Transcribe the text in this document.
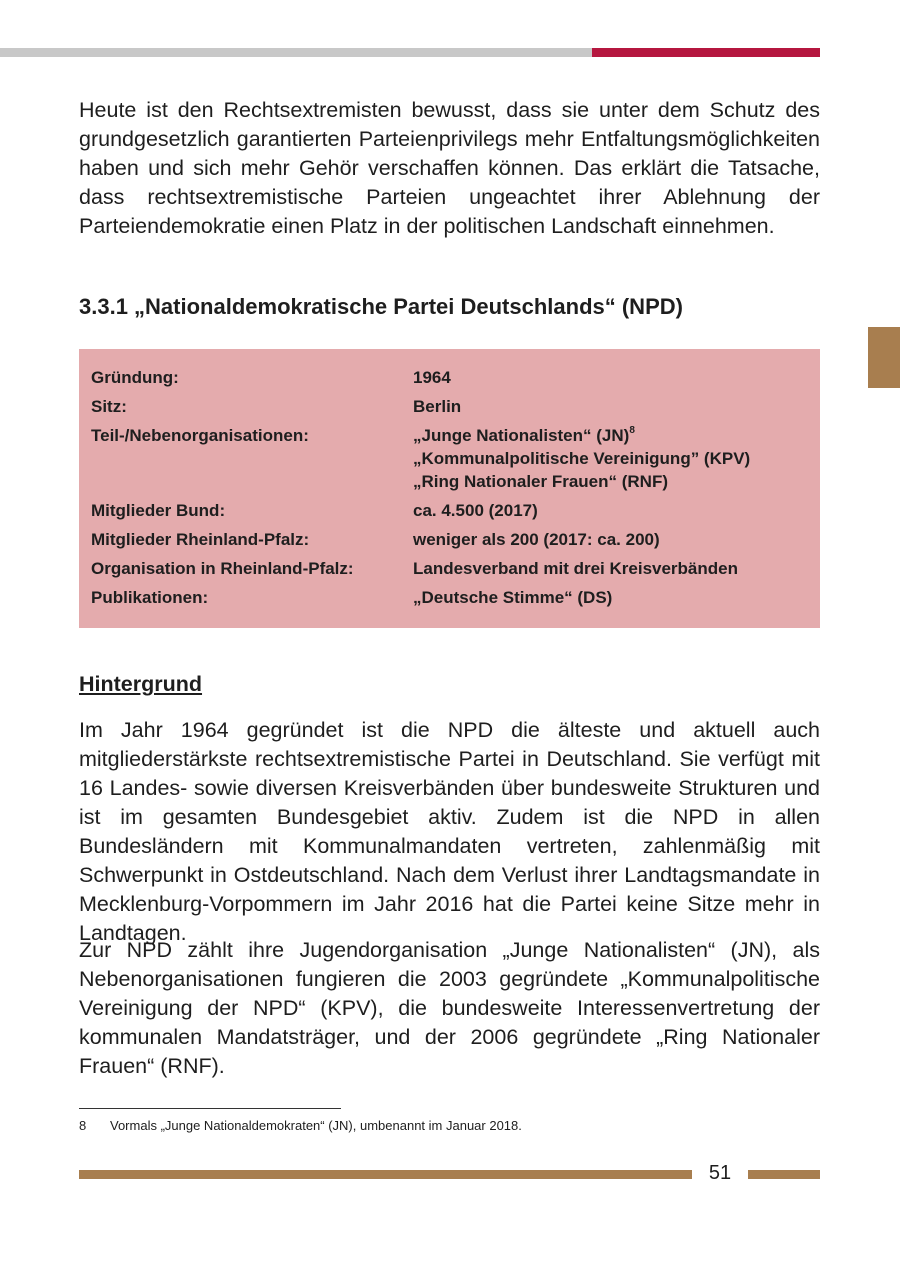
Heute ist den Rechtsextremisten bewusst, dass sie unter dem Schutz des grundgesetzlich garantierten Parteienprivilegs mehr Entfaltungsmöglichkeiten haben und sich mehr Gehör verschaffen können. Das erklärt die Tatsache, dass rechtsextremistische Parteien ungeachtet ihrer Ablehnung der Parteiendemokratie einen Platz in der politischen Landschaft einnehmen.

3.3.1 „Nationaldemokratische Partei Deutschlands“ (NPD)
Gründung:	1964
Sitz:	Berlin
Teil-/Nebenorganisationen:	„Junge Nationalisten“ (JN)$^8$
„Kommunalpolitische Vereinigung” (KPV)
„Ring Nationaler Frauen“ (RNF)
Mitglieder Bund:	ca. 4.500 (2017)
Mitglieder Rheinland-Pfalz:	weniger als 200 (2017: ca. 200)
Organisation in Rheinland-Pfalz:	Landesverband mit drei Kreisverbänden
Publikationen:	„Deutsche Stimme“ (DS)
Hintergrund

Im Jahr 1964 gegründet ist die NPD die älteste und aktuell auch mitgliederstärkste rechtsextremistische Partei in Deutschland. Sie verfügt mit 16 Landes- sowie diversen Kreisverbänden über bundesweite Strukturen und ist im gesamten Bundesgebiet aktiv. Zudem ist die NPD in allen Bundesländern mit Kommunalmandaten vertreten, zahlenmäßig mit Schwerpunkt in Ostdeutschland. Nach dem Verlust ihrer Landtagsmandate in Mecklenburg-Vorpommern im Jahr 2016 hat die Partei keine Sitze mehr in Landtagen.

Zur NPD zählt ihre Jugendorganisation „Junge Nationalisten“ (JN), als Nebenorganisationen fungieren die 2003 gegründete „Kommunalpolitische Vereinigung der NPD“ (KPV), die bundesweite Interessenvertretung der kommunalen Mandatsträger, und der 2006 gegründete „Ring Nationaler Frauen“ (RNF).

8 Vormals „Junge Nationaldemokraten“ (JN), umbenannt im Januar 2018.
51
